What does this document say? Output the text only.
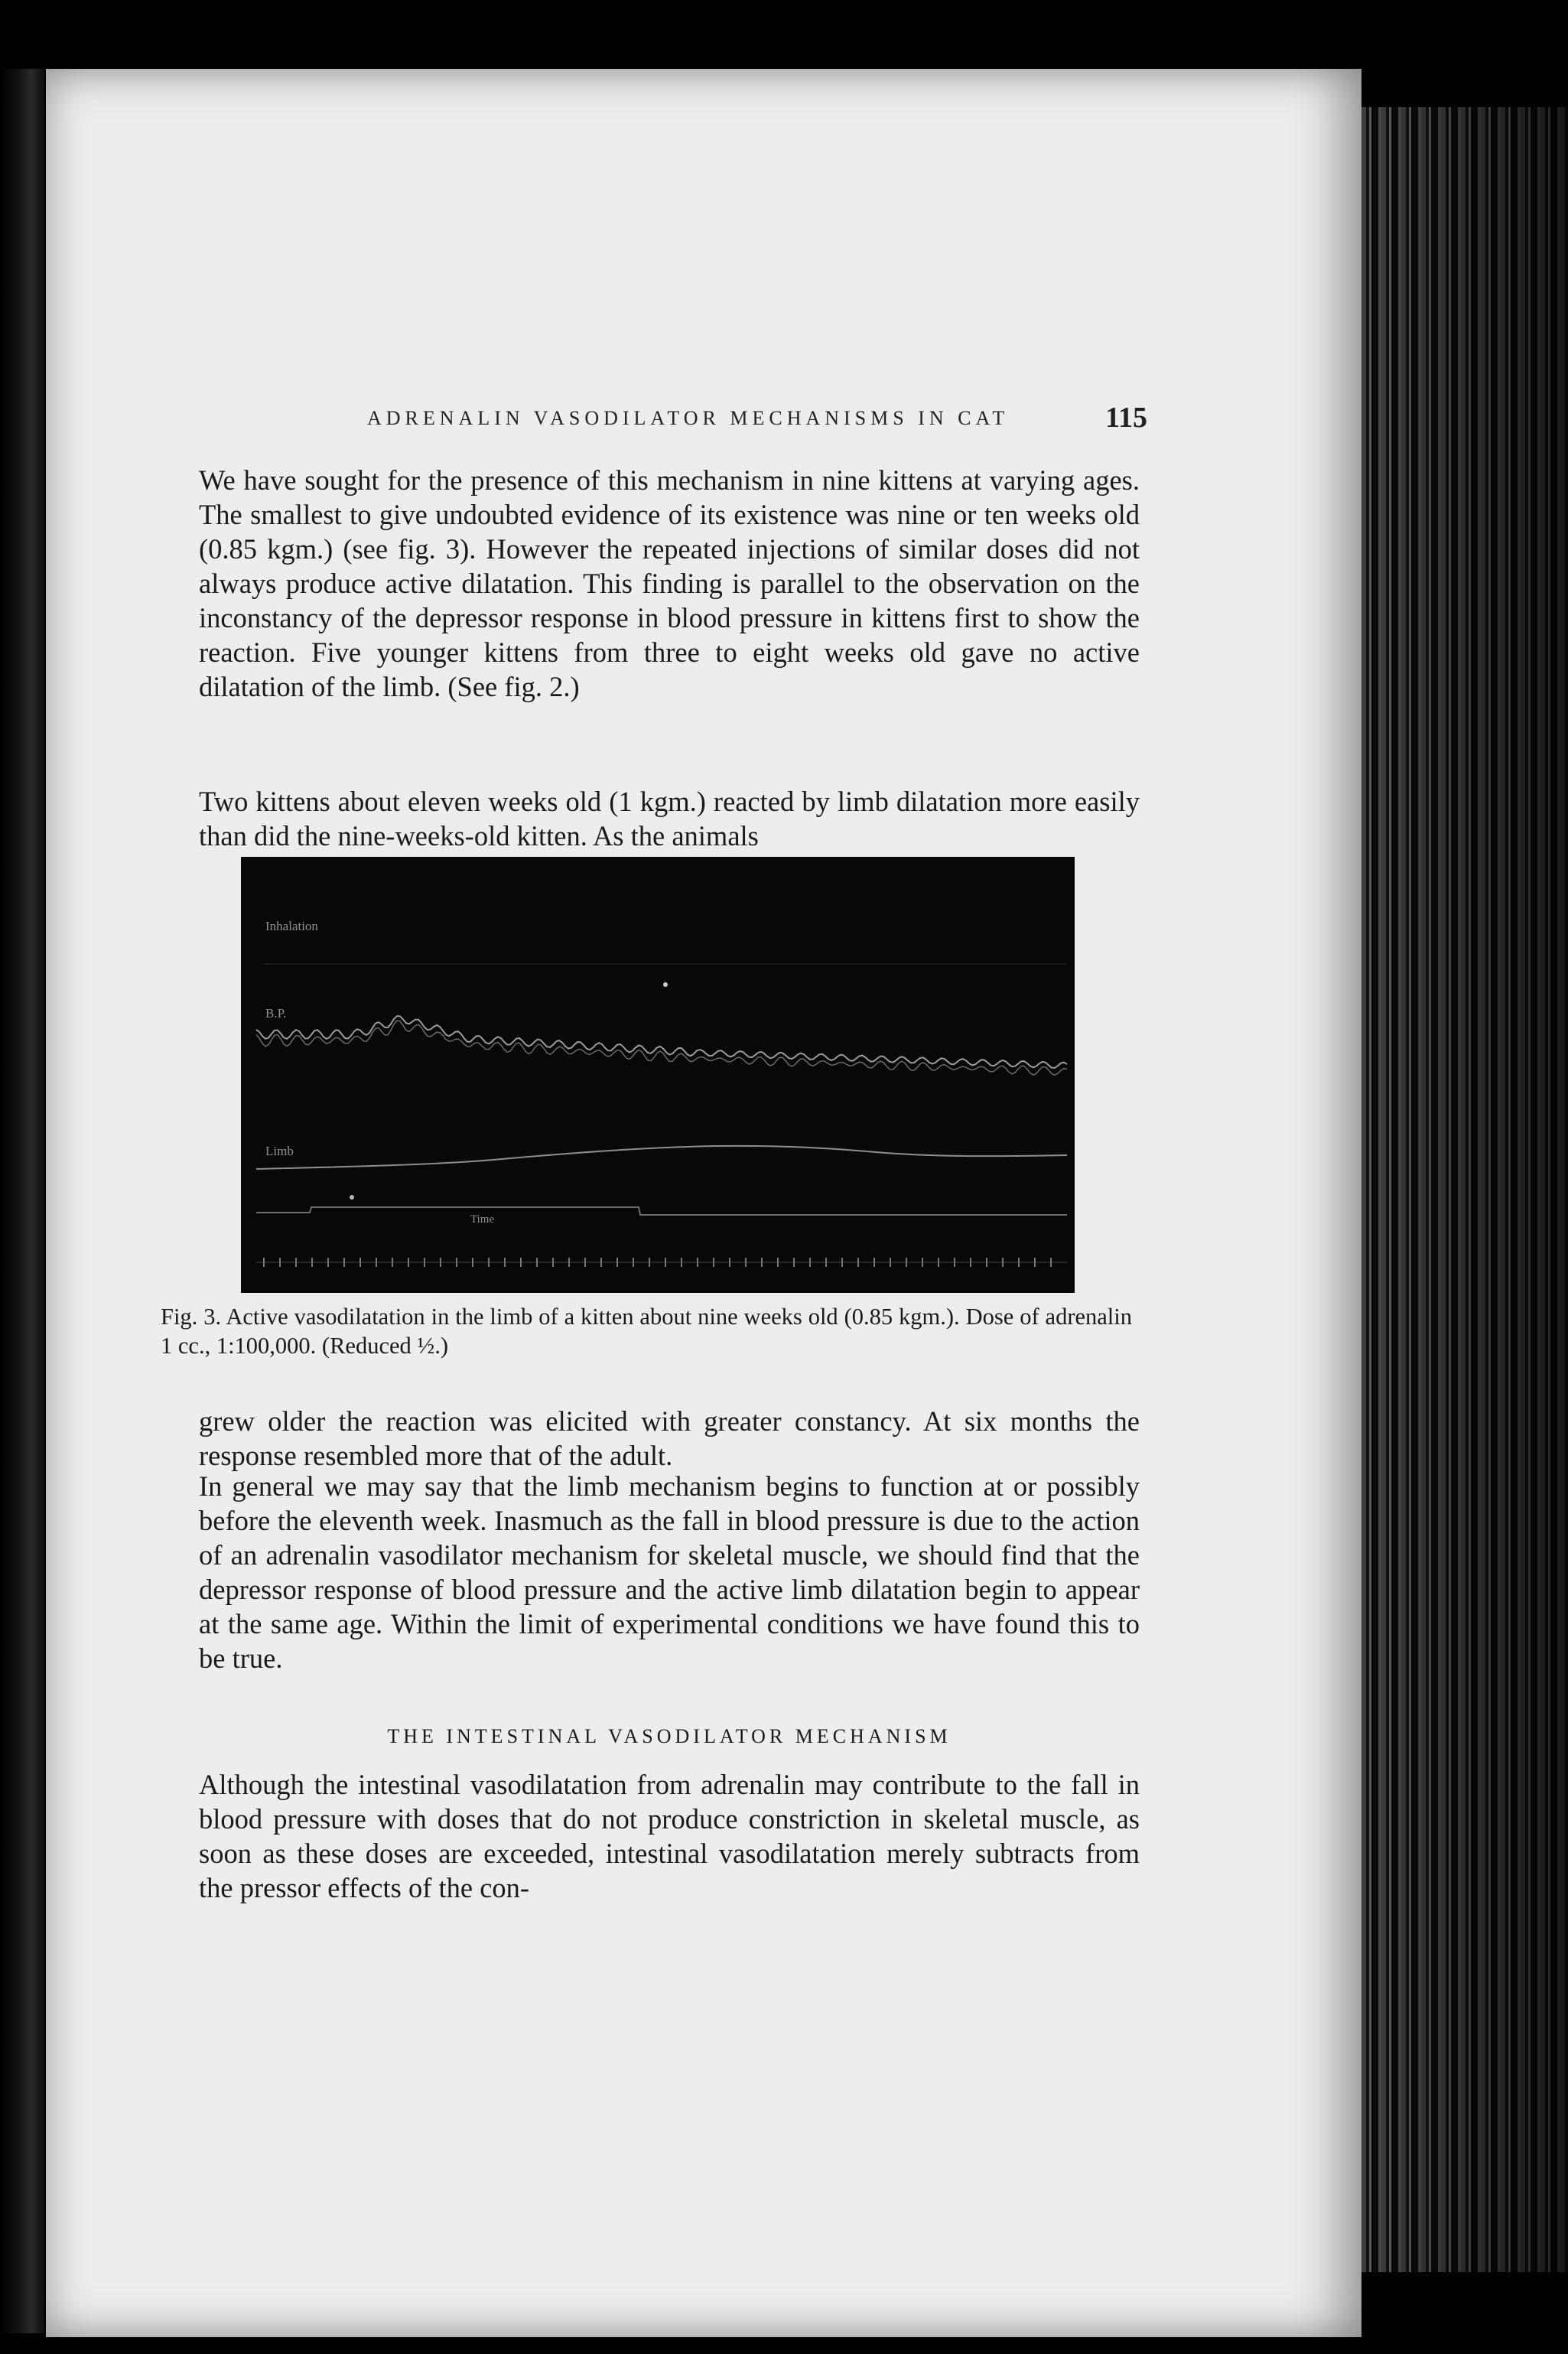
ADRENALIN VASODILATOR MECHANISMS IN CAT	115

We have sought for the presence of this mechanism in nine kittens at varying ages. The smallest to give undoubted evidence of its existence was nine or ten weeks old (0.85 kgm.) (see fig. 3). However the repeated injections of similar doses did not always produce active dilatation. This finding is parallel to the observation on the inconstancy of the depressor response in blood pressure in kittens first to show the reaction. Five younger kittens from three to eight weeks old gave no active dilatation of the limb. (See fig. 2.)

Two kittens about eleven weeks old (1 kgm.) reacted by limb dilatation more easily than did the nine-weeks-old kitten. As the animals

Inhalation
B.P.
Limb
Time

Fig. 3. Active vasodilatation in the limb of a kitten about nine weeks old (0.85 kgm.). Dose of adrenalin 1 cc., 1:100,000. (Reduced ½.)

grew older the reaction was elicited with greater constancy. At six months the response resembled more that of the adult.

In general we may say that the limb mechanism begins to function at or possibly before the eleventh week. Inasmuch as the fall in blood pressure is due to the action of an adrenalin vasodilator mechanism for skeletal muscle, we should find that the depressor response of blood pressure and the active limb dilatation begin to appear at the same age. Within the limit of experimental conditions we have found this to be true.

THE INTESTINAL VASODILATOR MECHANISM

Although the intestinal vasodilatation from adrenalin may contribute to the fall in blood pressure with doses that do not produce constriction in skeletal muscle, as soon as these doses are exceeded, intestinal vasodilatation merely subtracts from the pressor effects of the con-
